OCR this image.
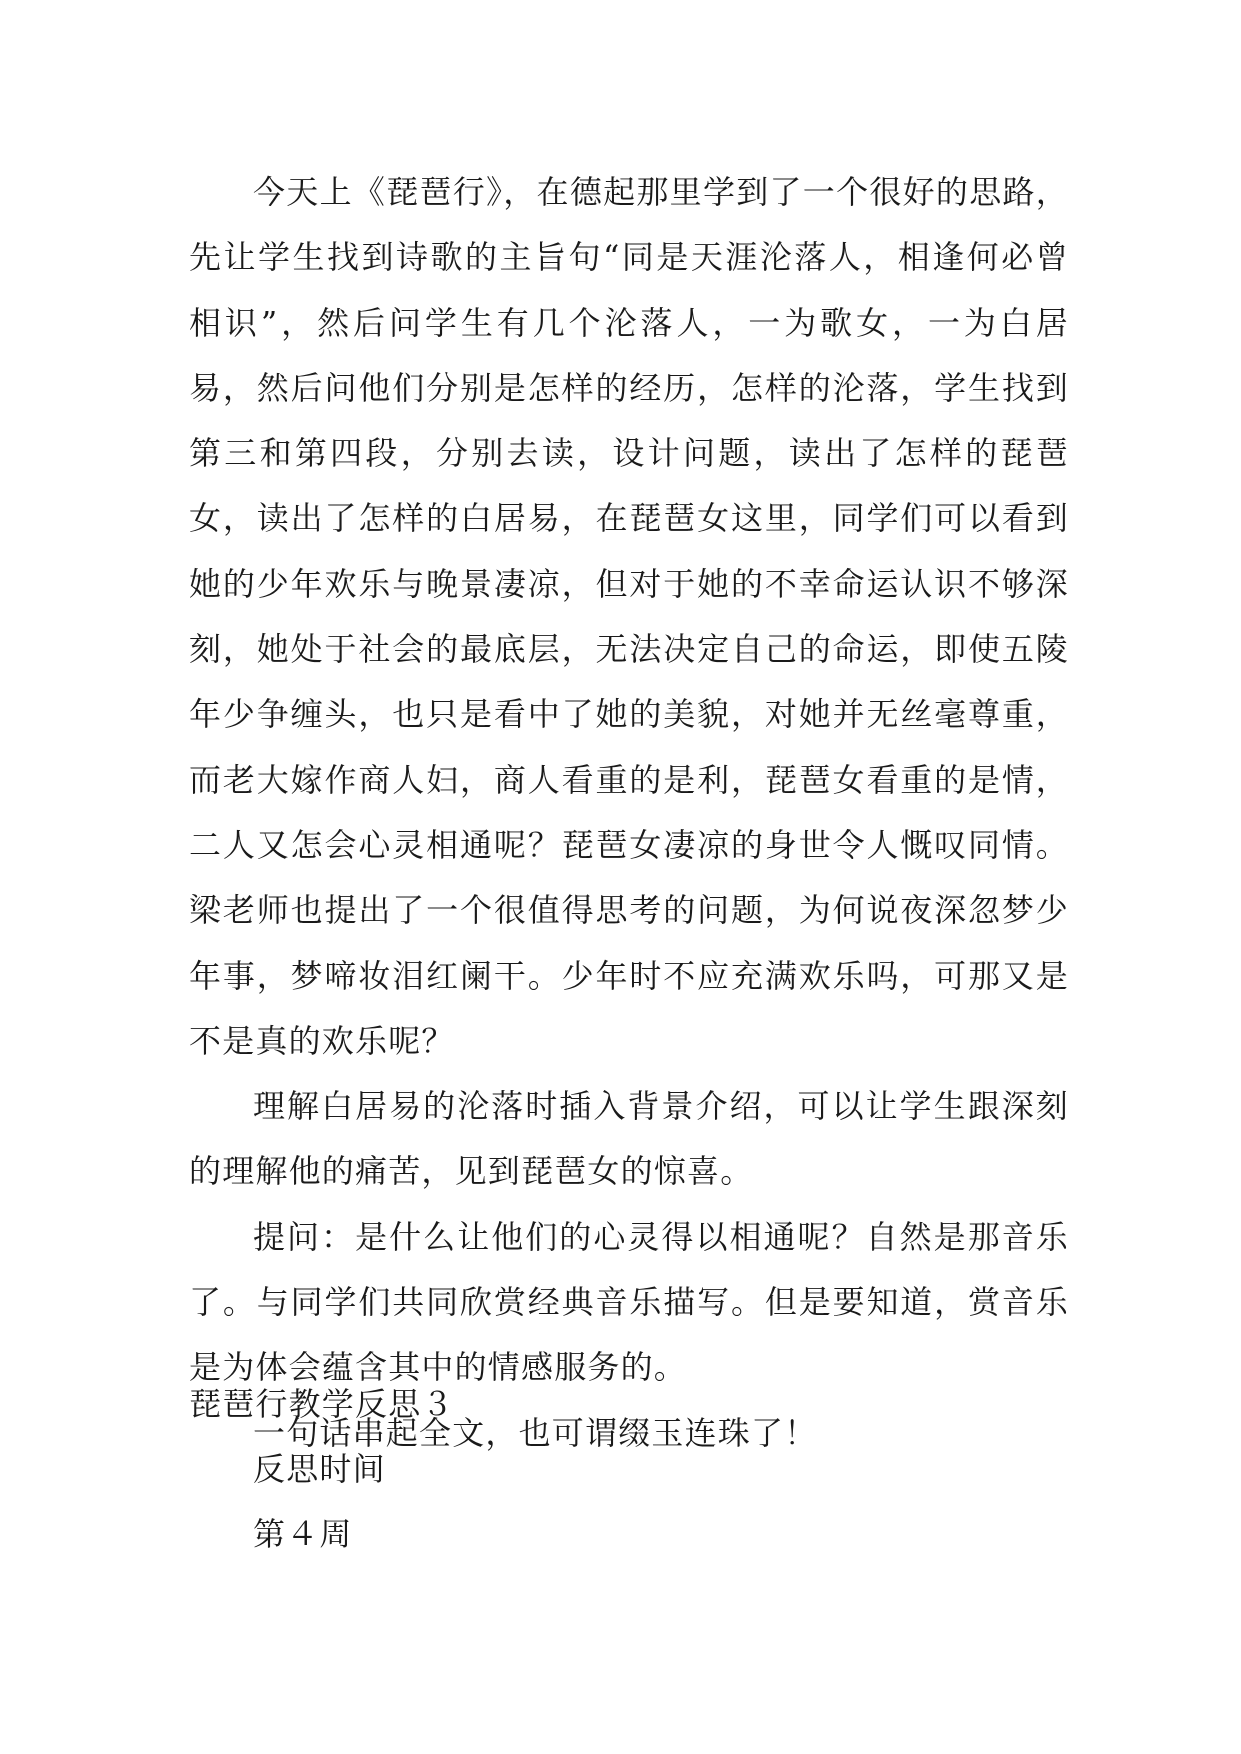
今天上《琵琶行》，在德起那里学到了一个很好的思路，先让学生找到诗歌的主旨句“同是天涯沦落人，相逢何必曾相识”，然后问学生有几个沦落人，一为歌女，一为白居易，然后问他们分别是怎样的经历，怎样的沦落，学生找到第三和第四段，分别去读，设计问题，读出了怎样的琵琶女，读出了怎样的白居易，在琵琶女这里，同学们可以看到她的少年欢乐与晚景凄凉，但对于她的不幸命运认识不够深刻，她处于社会的最底层，无法决定自己的命运，即使五陵年少争缠头，也只是看中了她的美貌，对她并无丝毫尊重，而老大嫁作商人妇，商人看重的是利，琵琶女看重的是情，二人又怎会心灵相通呢？琵琶女凄凉的身世令人慨叹同情。梁老师也提出了一个很值得思考的问题，为何说夜深忽梦少年事，梦啼妆泪红阑干。少年时不应充满欢乐吗，可那又是不是真的欢乐呢？

理解白居易的沦落时插入背景介绍，可以让学生跟深刻的理解他的痛苦，见到琵琶女的惊喜。

提问：是什么让他们的心灵得以相通呢？自然是那音乐了。与同学们共同欣赏经典音乐描写。但是要知道，赏音乐是为体会蕴含其中的情感服务的。

一句话串起全文，也可谓缀玉连珠了！

琵琶行教学反思３
反思时间
第４周
